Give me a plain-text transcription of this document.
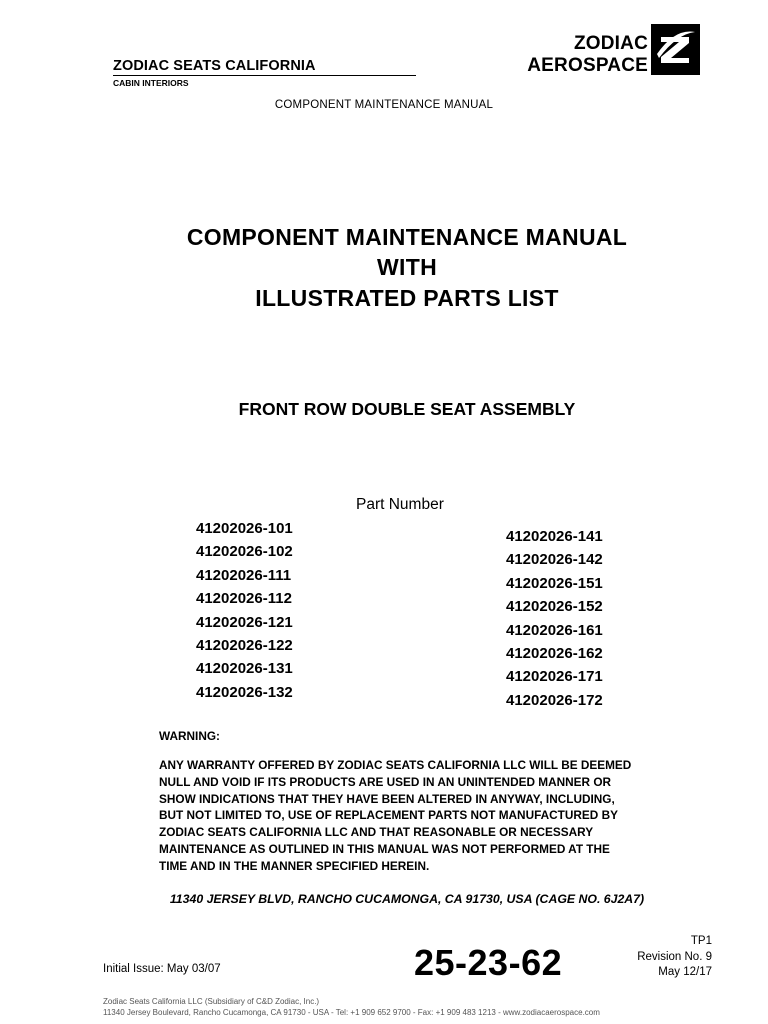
ZODIAC SEATS CALIFORNIA
CABIN INTERIORS
ZODIAC
AEROSPACE
COMPONENT MAINTENANCE MANUAL
COMPONENT MAINTENANCE MANUAL
WITH
ILLUSTRATED PARTS LIST
FRONT ROW DOUBLE SEAT ASSEMBLY
Part Number
41202026-101
41202026-102
41202026-111
41202026-112
41202026-121
41202026-122
41202026-131
41202026-132
41202026-141
41202026-142
41202026-151
41202026-152
41202026-161
41202026-162
41202026-171
41202026-172
WARNING:
ANY WARRANTY OFFERED BY ZODIAC SEATS CALIFORNIA LLC WILL BE DEEMED
NULL AND VOID IF ITS PRODUCTS ARE USED IN AN UNINTENDED MANNER OR
SHOW INDICATIONS THAT THEY HAVE BEEN ALTERED IN ANYWAY, INCLUDING,
BUT NOT LIMITED TO, USE OF REPLACEMENT PARTS NOT MANUFACTURED BY
ZODIAC SEATS CALIFORNIA LLC AND THAT REASONABLE OR NECESSARY
MAINTENANCE AS OUTLINED IN THIS MANUAL WAS NOT PERFORMED AT THE
TIME AND IN THE MANNER SPECIFIED HEREIN.
11340 JERSEY BLVD, RANCHO CUCAMONGA, CA 91730, USA (CAGE NO. 6J2A7)
Initial Issue: May 03/07	25-23-62
TP1
Revision No. 9
May 12/17
Zodiac Seats California LLC (Subsidiary of C&D Zodiac, Inc.)
11340 Jersey Boulevard, Rancho Cucamonga, CA 91730 - USA - Tel: +1 909 652 9700 - Fax: +1 909 483 1213 - www.zodiacaerospace.com
